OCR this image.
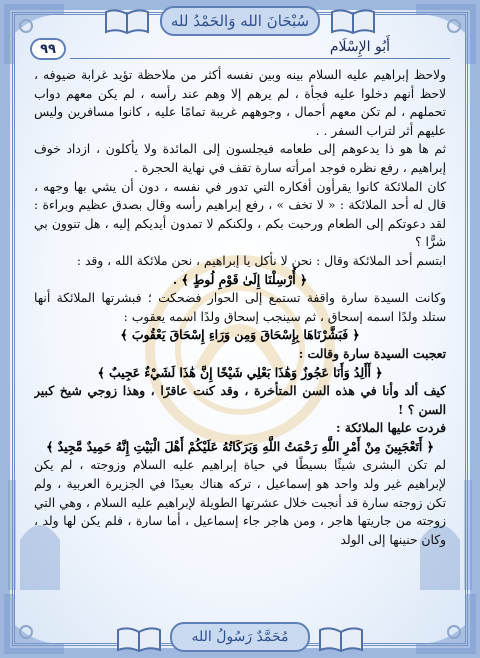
سُبْحَانَ الله وَالحَمْدُ لله
٩٩	أَبُو الإِسْلَام

ولاحظ إبراهيم عليه السلام بينه وبين نفسه أكثر من ملاحظة تؤيد غرابة ضيوفه ، لاحظ أنهم دخلوا عليه فجأة ، لم يرهم إلا وهم عند رأسه ، لم يكن معهم دواب تحملهم ، لم تكن معهم أحمال ، وجوههم غريبة تمامًا عليه ، كانوا مسافرين وليس عليهم أثر لتراب السفر . .

ثم ها هو ذا يدعوهم إلى طعامه فيجلسون إلى المائدة ولا يأكلون ، ازداد خوف إبراهيم ، رفع نظره فوجد امرأته سارة تقف في نهاية الحجرة .

كان الملائكة كانوا يقرأون أفكاره التي تدور في نفسه ، دون أن يشي بها وجهه ، قال له أحد الملائكة : « لا تخف » ، رفع إبراهيم رأسه وقال بصدق عظيم وبراءة : لقد دعوتكم إلى الطعام ورحبت بكم ، ولكنكم لا تمدون أيديكم إليه ، هل تنوون بي شرًّا ؟

ابتسم أحد الملائكة وقال : نحن لا نأكل يا إبراهيم ، نحن ملائكة الله ، وقد :

﴿ أُرْسِلْنَا إِلَىٰ قَوْمِ لُوطٍ ﴾ .

وكانت السيدة سارة واقفة تستمع إلى الحوار فضحكت ؛ فبشرتها الملائكة أنها ستلد ولدًا اسمه إسحاق ، ثم سينجب إسحاق ولدًا اسمه يعقوب :

﴿ فَبَشَّرْنَاهَا بِإِسْحَاقَ وَمِن وَرَاءِ إِسْحَاقَ يَعْقُوبَ ﴾

تعجبت السيدة سارة وقالت :

﴿ أَأَلِدُ وَأَنَا عَجُوزٌ وَهَٰذَا بَعْلِي شَيْخًا إِنَّ هَٰذَا لَشَيْءٌ عَجِيبٌ ﴾

كيف ألد وأنا في هذه السن المتأخرة ، وقد كنت عاقرًا ، وهذا زوجي شيخ كبير السن ؟ !

فردت عليها الملائكة :

﴿ أَتَعْجَبِينَ مِنْ أَمْرِ اللَّهِ رَحْمَتُ اللَّهِ وَبَرَكَاتُهُ عَلَيْكُمْ أَهْلَ الْبَيْتِ إِنَّهُ حَمِيدٌ مَّجِيدٌ ﴾

لم تكن البشرى شيئًا بسيطًا في حياة إبراهيم عليه السلام وزوجته ، لم يكن لإبراهيم غير ولد واحد هو إسماعيل ، تركه هناك بعيدًا في الجزيرة العربية ، ولم تكن زوجته سارة قد أنجبت خلال عشرتها الطويلة لإبراهيم عليه السلام ، وهي التي زوجته من جاريتها هاجر ، ومن هاجر جاء إسماعيل ، أما سارة ، فلم يكن لها ولد ، وكان حنينها إلى الولد

مُحَمَّدٌ رَسُولُ الله
